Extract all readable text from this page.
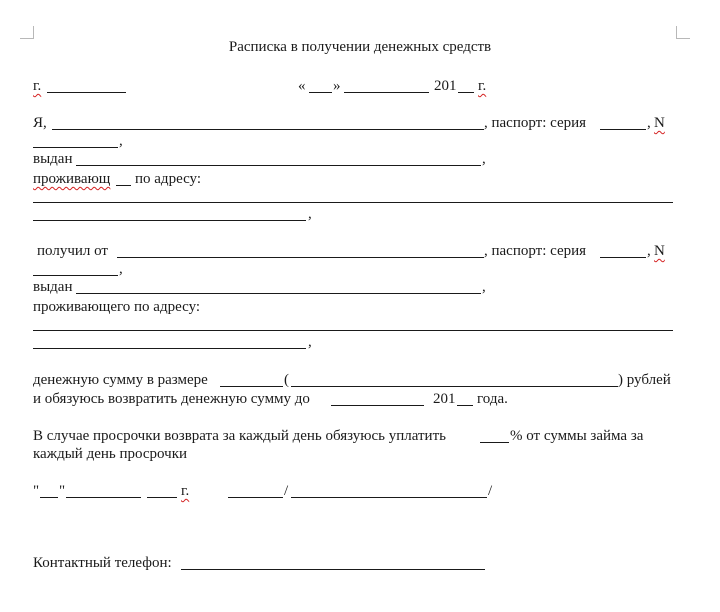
Расписка в получении денежных средств
г.	« »	201 г.
Я,	, паспорт: серия	, N
,
выдан	,
проживающ по адресу:
,
получил от	, паспорт: серия	, N
,
выдан	,
проживающего по адресу:
,
денежную сумму в размере	(	) рублей
и обязуюсь возвратить денежную сумму до	201 года.
В случае просрочки возврата за каждый день обязуюсь уплатить	% от суммы займа за
каждый день просрочки
" "	г.	/	/
Контактный телефон:
